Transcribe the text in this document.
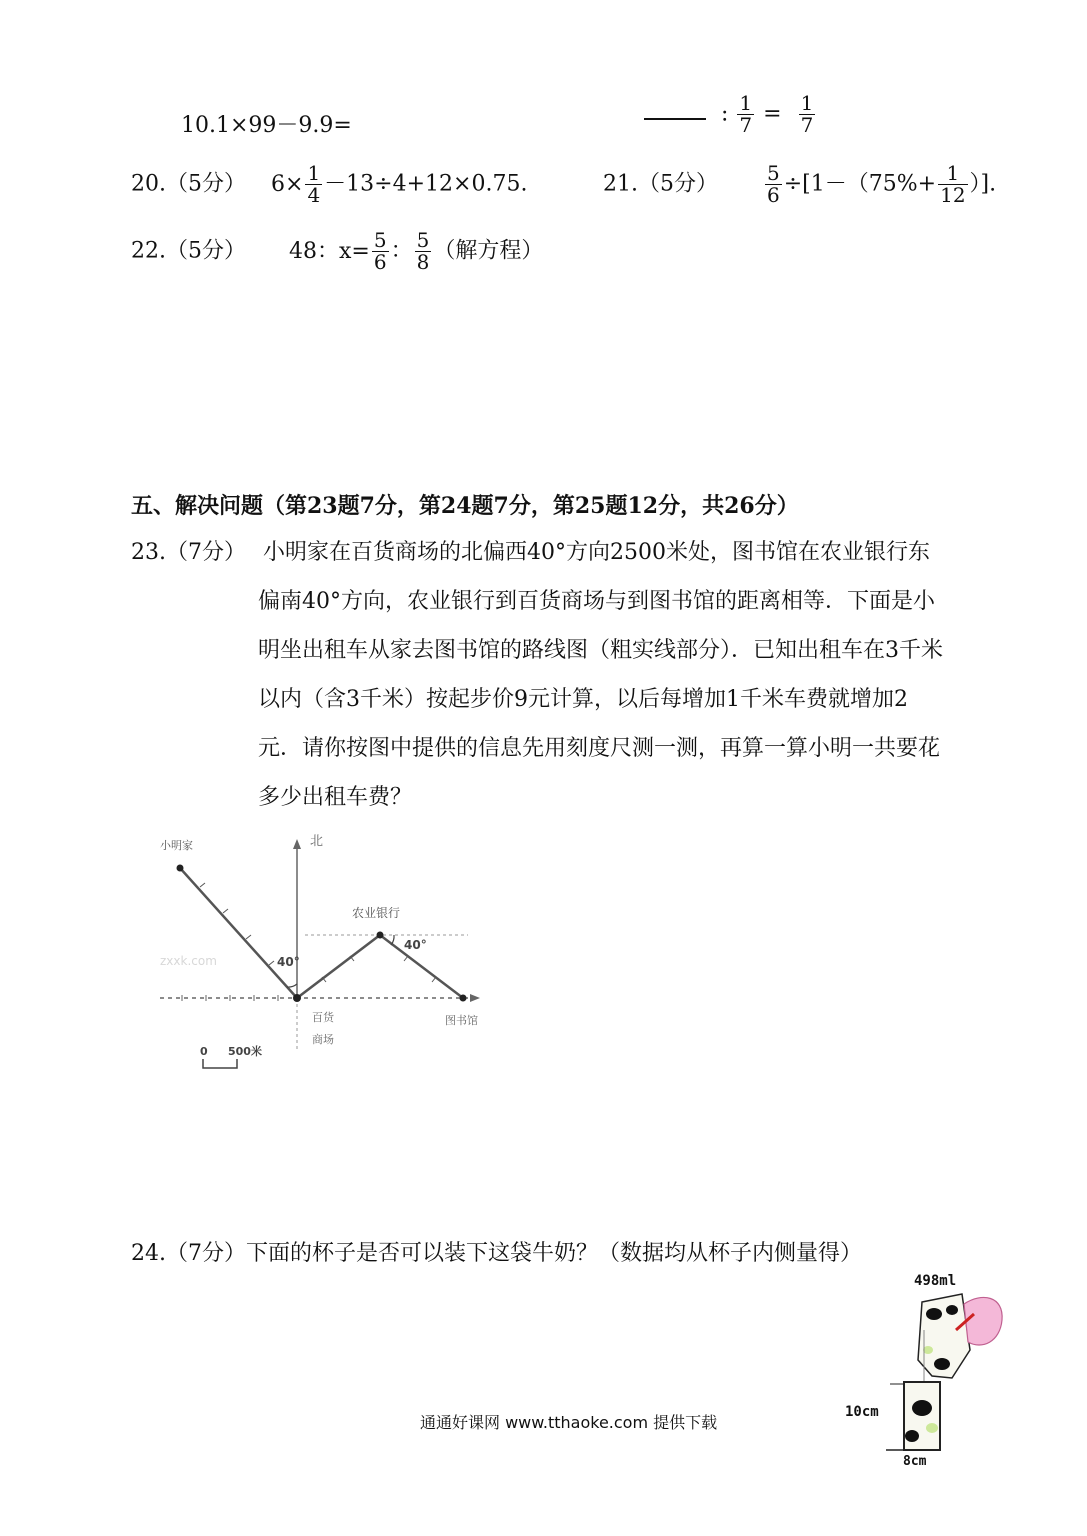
10.1×99－9.9=	: $\frac{1}{7} = \frac{1}{7}$
20.（5分） $6\times \frac{1}{4} -13\div 4+12\times 0.75$.	21.（5分） $\frac{5}{6} \div[1-(75\%+ \frac{1}{12}$ ）].
22.（5分） 48：$x= \frac{5}{6}$ ： $\frac{5}{8}$ （解方程）
五、解决问题（第23题7分，第24题7分，第25题12分，共26分）
23.（7分） 小明家在百货商场的北偏西40°方向2500米处，图书馆在农业银行东
偏南40°方向，农业银行到百货商场与到图书馆的距离相等．下面是小
明坐出租车从家去图书馆的路线图（粗实线部分）．已知出租车在3千米
以内（含3千米）按起步价9元计算，以后每增加1千米车费就增加2
元．请你按图中提供的信息先用刻度尺测一测，再算一算小明一共要花
多少出租车费？
北
小明家
农业银行
百货
商场
图书馆
40°
40°
zxxk.com
0 500米
24.（7分）下面的杯子是否可以装下这袋牛奶？（数据均从杯子内侧量得）
498ml
10cm
8cm
通通好课网 www.tthaoke.com 提供下载
